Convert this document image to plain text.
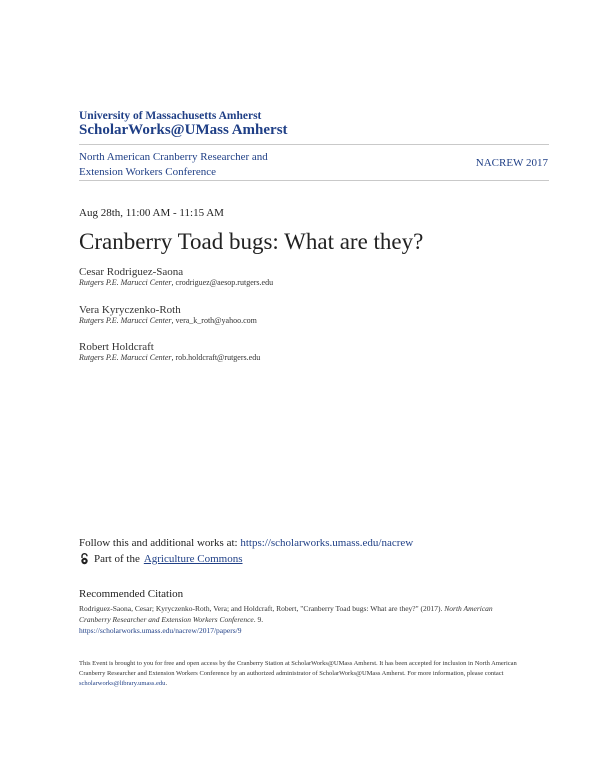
University of Massachusetts Amherst
ScholarWorks@UMass Amherst
North American Cranberry Researcher and Extension Workers Conference
NACREW 2017
Aug 28th, 11:00 AM - 11:15 AM
Cranberry Toad bugs: What are they?
Cesar Rodriguez-Saona
Rutgers P.E. Marucci Center, crodriguez@aesop.rutgers.edu
Vera Kyryczenko-Roth
Rutgers P.E. Marucci Center, vera_k_roth@yahoo.com
Robert Holdcraft
Rutgers P.E. Marucci Center, rob.holdcraft@rutgers.edu
Follow this and additional works at: https://scholarworks.umass.edu/nacrew
Part of the Agriculture Commons
Recommended Citation
Rodriguez-Saona, Cesar; Kyryczenko-Roth, Vera; and Holdcraft, Robert, "Cranberry Toad bugs: What are they?" (2017). North American Cranberry Researcher and Extension Workers Conference. 9.
https://scholarworks.umass.edu/nacrew/2017/papers/9
This Event is brought to you for free and open access by the Cranberry Station at ScholarWorks@UMass Amherst. It has been accepted for inclusion in North American Cranberry Researcher and Extension Workers Conference by an authorized administrator of ScholarWorks@UMass Amherst. For more information, please contact scholarworks@library.umass.edu.
